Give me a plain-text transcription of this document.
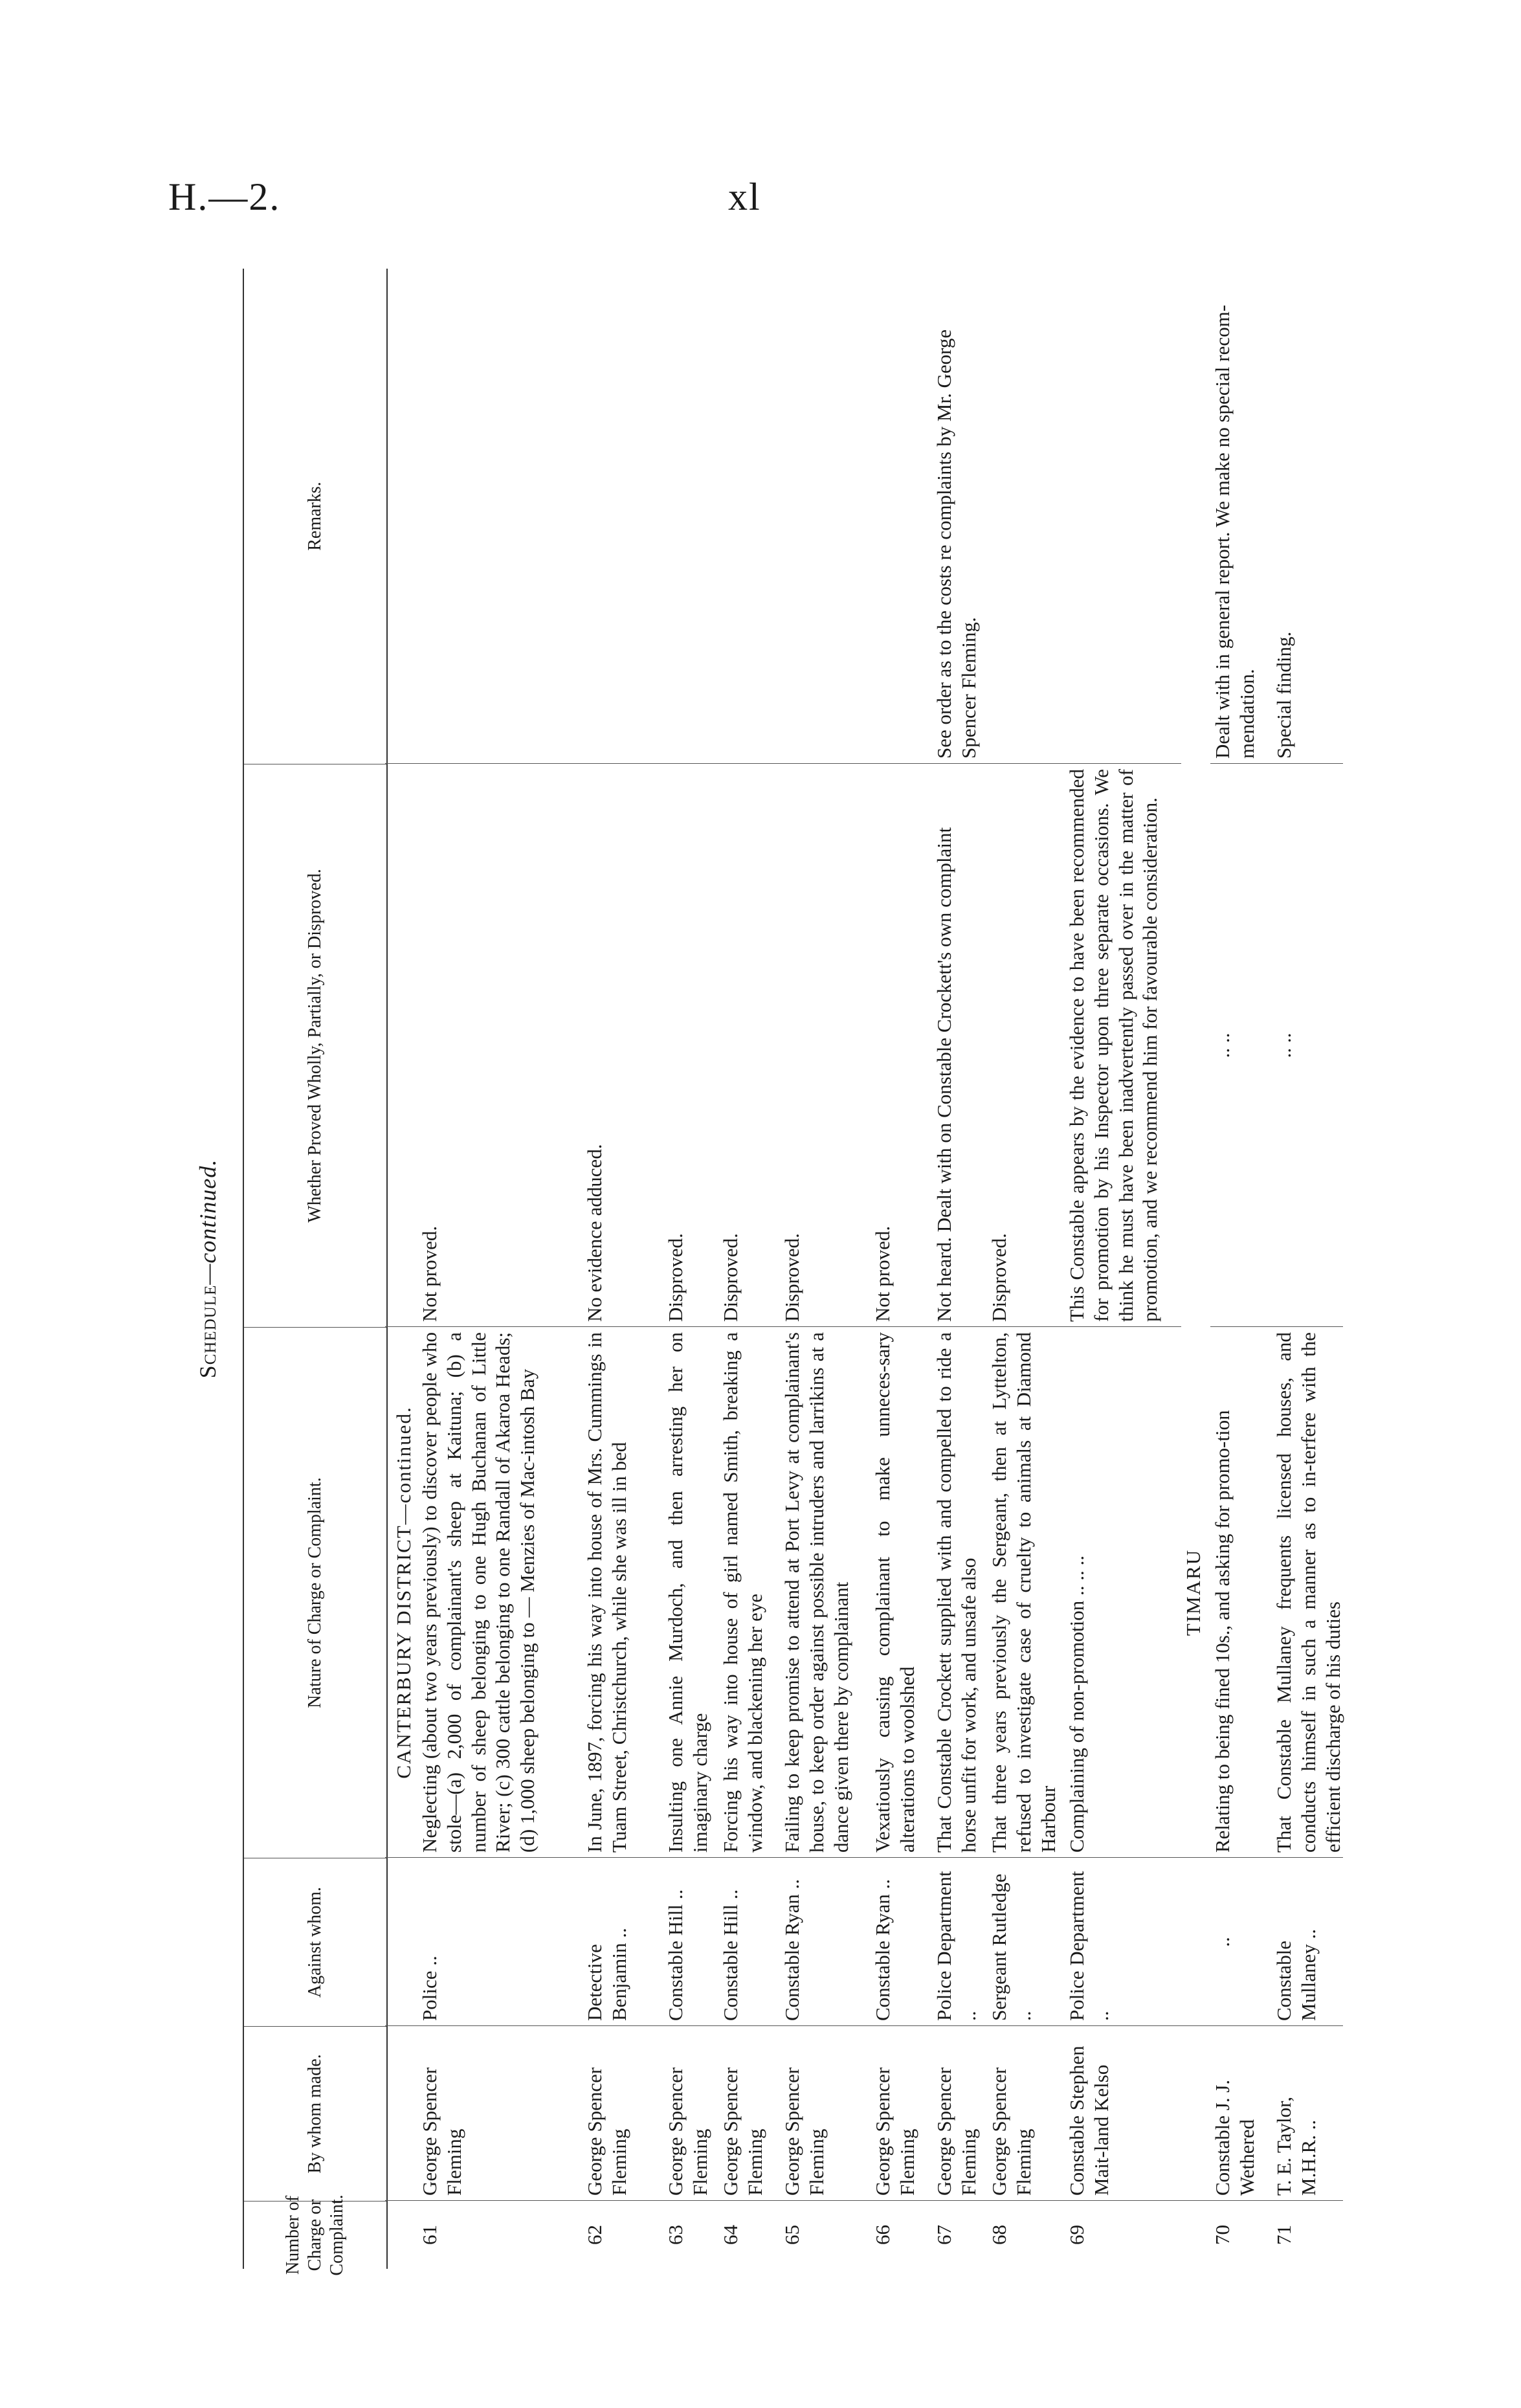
H.—2.	xl
Schedule—continued.
Number of Charge or Complaint.
By whom made.
Against whom.
Nature of Charge or Complaint.
Whether Proved Wholly, Partially, or Disproved.
Remarks.
CANTERBURY DISTRICT—continued.
61
George Spencer Fleming
Police ..
Neglecting (about two years previously) to discover people who stole—(a) 2,000 of complainant's sheep at Kaituna; (b) a number of sheep belonging to one Hugh Buchanan of Little River; (c) 300 cattle belonging to one Randall of Akaroa Heads; (d) 1,000 sheep belonging to — Menzies of Mac-intosh Bay
Not proved.
62
George Spencer Fleming
Detective Benjamin ..
In June, 1897, forcing his way into house of Mrs. Cummings in Tuam Street, Christchurch, while she was ill in bed
No evidence adduced.
63
George Spencer Fleming
Constable Hill ..
Insulting one Annie Murdoch, and then arresting her on imaginary charge
Disproved.
64
George Spencer Fleming
Constable Hill ..
Forcing his way into house of girl named Smith, breaking a window, and blackening her eye
Disproved.
65
George Spencer Fleming
Constable Ryan ..
Failing to keep promise to attend at Port Levy at complainant's house, to keep order against possible intruders and larrikins at a dance given there by complainant
Disproved.
66
George Spencer Fleming
Constable Ryan ..
Vexatiously causing complainant to make unneces-sary alterations to woolshed
Not proved.
67
George Spencer Fleming
Police Department ..
That Constable Crockett supplied with and compelled to ride a horse unfit for work, and unsafe also
Not heard. Dealt with on Constable Crockett's own complaint
See order as to the costs re complaints by Mr. George Spencer Fleming.
68
George Spencer Fleming
Sergeant Rutledge ..
That three years previously the Sergeant, then at Lyttelton, refused to investigate case of cruelty to animals at Diamond Harbour
Disproved.
69
Constable Stephen Mait-land Kelso
Police Department ..
Complaining of non-promotion .. .. ..
This Constable appears by the evidence to have been recommended for promotion by his Inspector upon three separate occasions. We think he must have been inadvertently passed over in the matter of promotion, and we recommend him for favourable consideration.
TIMARU
70
Constable J. J. Wethered
..
Relating to being fined 10s., and asking for promo-tion
.. ..
Dealt with in general report. We make no special recom-mendation.
71
T. E. Taylor, M.H.R. ..
Constable Mullaney ..
That Constable Mullaney frequents licensed houses, and conducts himself in such a manner as to in-terfere with the efficient discharge of his duties
.. ..
Special finding.
